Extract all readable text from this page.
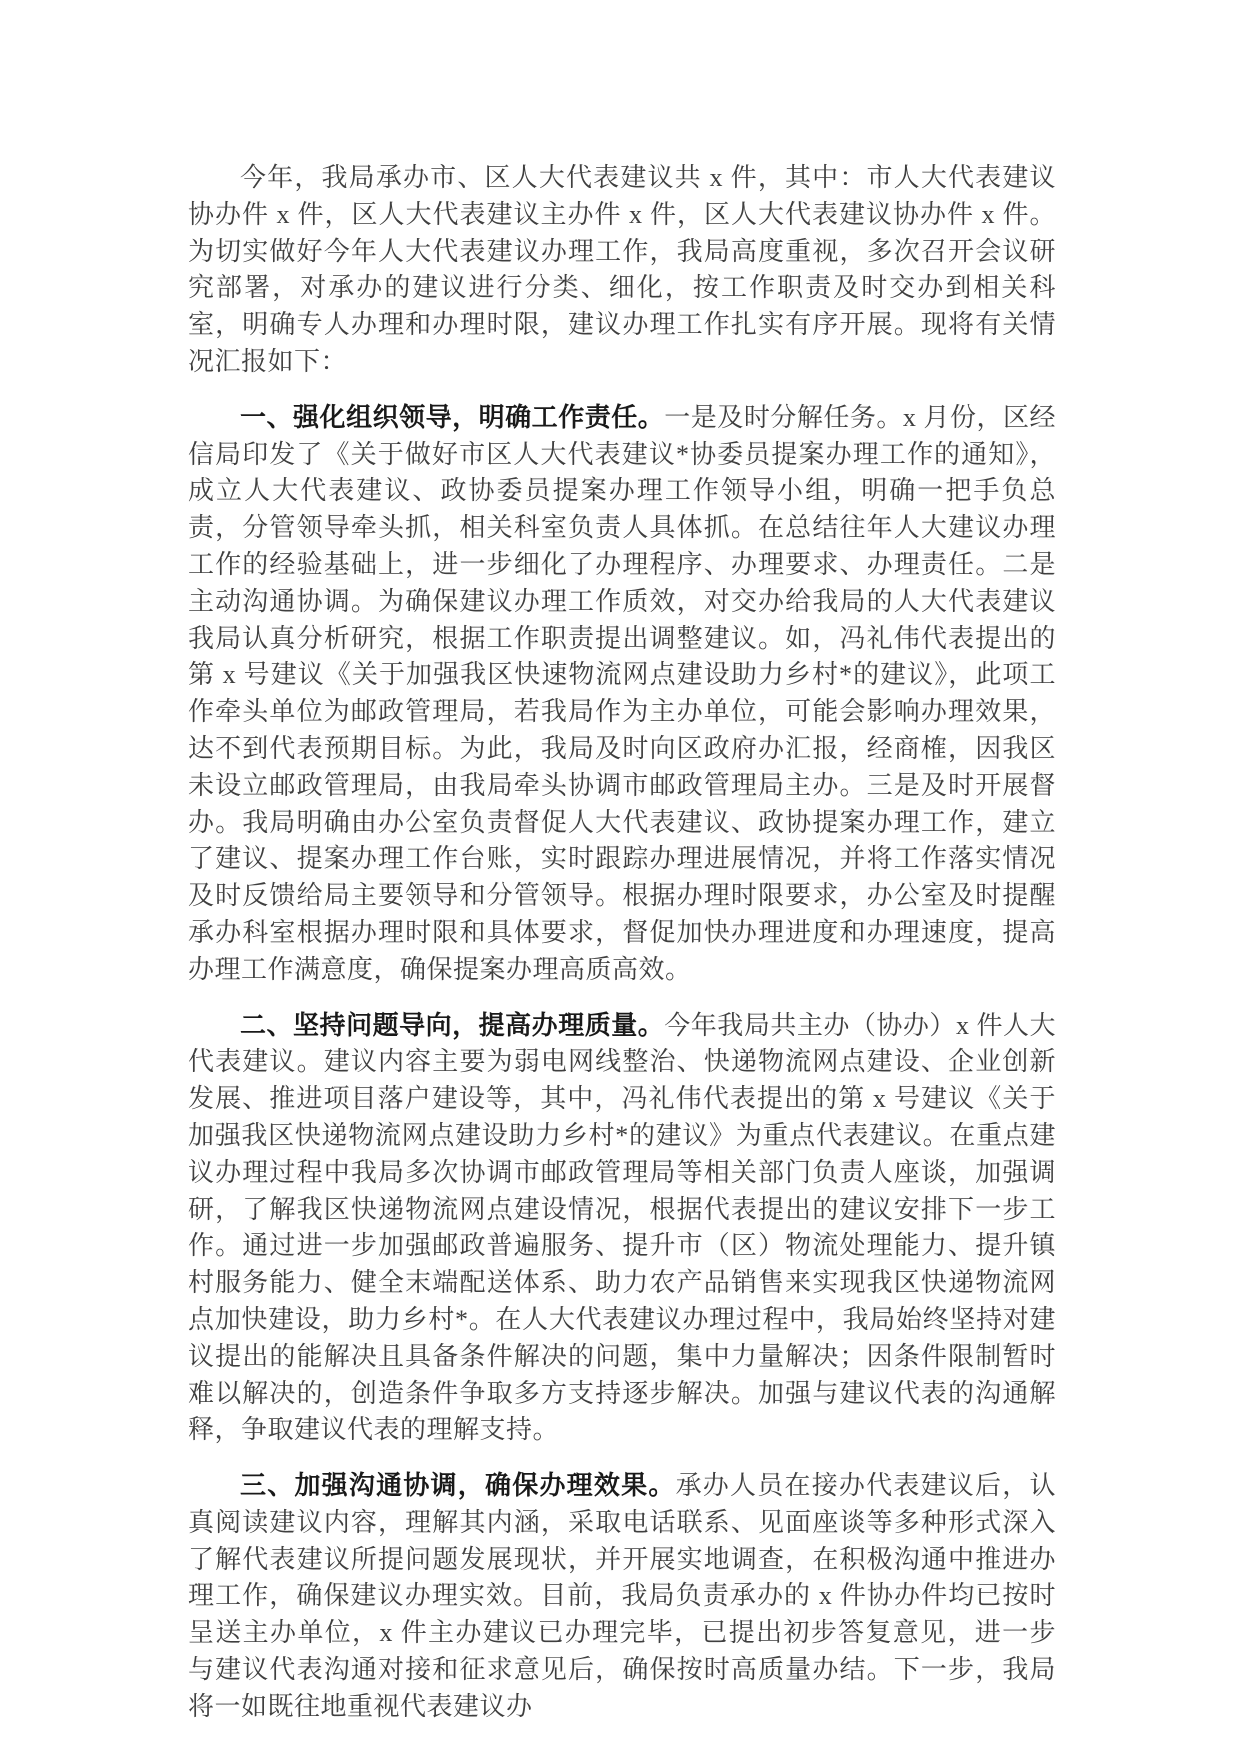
今年，我局承办市、区人大代表建议共 x 件，其中：市人大代表建议协办件 x 件，区人大代表建议主办件 x 件，区人大代表建议协办件 x 件。为切实做好今年人大代表建议办理工作，我局高度重视，多次召开会议研究部署，对承办的建议进行分类、细化，按工作职责及时交办到相关科室，明确专人办理和办理时限，建议办理工作扎实有序开展。现将有关情况汇报如下：

一、强化组织领导，明确工作责任。一是及时分解任务。x 月份，区经信局印发了《关于做好市区人大代表建议*协委员提案办理工作的通知》，成立人大代表建议、政协委员提案办理工作领导小组，明确一把手负总责，分管领导牵头抓，相关科室负责人具体抓。在总结往年人大建议办理工作的经验基础上，进一步细化了办理程序、办理要求、办理责任。二是主动沟通协调。为确保建议办理工作质效，对交办给我局的人大代表建议我局认真分析研究，根据工作职责提出调整建议。如，冯礼伟代表提出的第 x 号建议《关于加强我区快速物流网点建设助力乡村*的建议》，此项工作牵头单位为邮政管理局，若我局作为主办单位，可能会影响办理效果，达不到代表预期目标。为此，我局及时向区政府办汇报，经商榷，因我区未设立邮政管理局，由我局牵头协调市邮政管理局主办。三是及时开展督办。我局明确由办公室负责督促人大代表建议、政协提案办理工作，建立了建议、提案办理工作台账，实时跟踪办理进展情况，并将工作落实情况及时反馈给局主要领导和分管领导。根据办理时限要求，办公室及时提醒承办科室根据办理时限和具体要求，督促加快办理进度和办理速度，提高办理工作满意度，确保提案办理高质高效。

二、坚持问题导向，提高办理质量。今年我局共主办（协办）x 件人大代表建议。建议内容主要为弱电网线整治、快递物流网点建设、企业创新发展、推进项目落户建设等，其中，冯礼伟代表提出的第 x 号建议《关于加强我区快递物流网点建设助力乡村*的建议》为重点代表建议。在重点建议办理过程中我局多次协调市邮政管理局等相关部门负责人座谈，加强调研，了解我区快递物流网点建设情况，根据代表提出的建议安排下一步工作。通过进一步加强邮政普遍服务、提升市（区）物流处理能力、提升镇村服务能力、健全末端配送体系、助力农产品销售来实现我区快递物流网点加快建设，助力乡村*。在人大代表建议办理过程中，我局始终坚持对建议提出的能解决且具备条件解决的问题，集中力量解决；因条件限制暂时难以解决的，创造条件争取多方支持逐步解决。加强与建议代表的沟通解释，争取建议代表的理解支持。

三、加强沟通协调，确保办理效果。承办人员在接办代表建议后，认真阅读建议内容，理解其内涵，采取电话联系、见面座谈等多种形式深入了解代表建议所提问题发展现状，并开展实地调查，在积极沟通中推进办理工作，确保建议办理实效。目前，我局负责承办的 x 件协办件均已按时呈送主办单位，x 件主办建议已办理完毕，已提出初步答复意见，进一步与建议代表沟通对接和征求意见后，确保按时高质量办结。下一步，我局将一如既往地重视代表建议办
